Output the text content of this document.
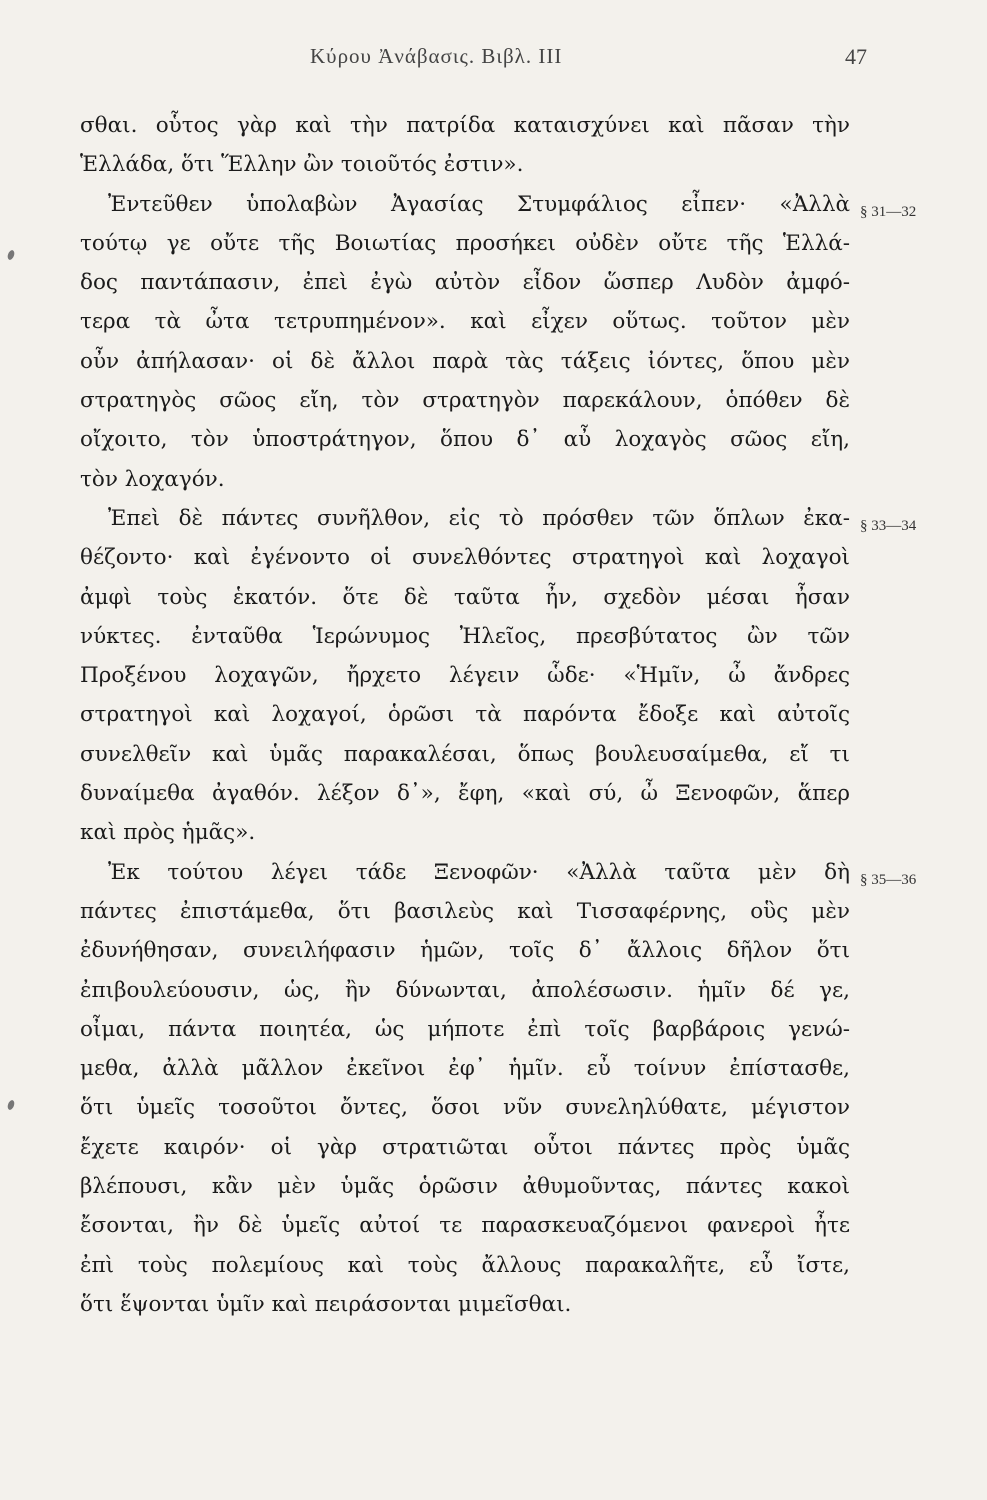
Κύρου Ἀνάβασις. Βιβλ. III	47
σθαι. οὗτος γὰρ καὶ τὴν πατρίδα καταισχύνει καὶ πᾶσαν τὴν
Ἑλλάδα, ὅτι Ἕλλην ὢν τοιοῦτός ἐστιν».
Ἐντεῦθεν ὑπολαβὼν Ἀγασίας Στυμφάλιος εἶπεν· «Ἀλλὰ
τούτῳ γε οὔτε τῆς Βοιωτίας προσήκει οὐδὲν οὔτε τῆς Ἑλλά-
δος παντάπασιν, ἐπεὶ ἐγὼ αὐτὸν εἶδον ὥσπερ Λυδὸν ἀμφό-
τερα τὰ ὦτα τετρυπημένον». καὶ εἶχεν οὕτως. τοῦτον μὲν
οὖν ἀπήλασαν· οἱ δὲ ἄλλοι παρὰ τὰς τάξεις ἰόντες, ὅπου μὲν
στρατηγὸς σῶος εἴη, τὸν στρατηγὸν παρεκάλουν, ὁπόθεν δὲ
οἴχοιτο, τὸν ὑποστράτηγον, ὅπου δ᾽ αὖ λοχαγὸς σῶος εἴη,
τὸν λοχαγόν.
Ἐπεὶ δὲ πάντες συνῆλθον, εἰς τὸ πρόσθεν τῶν ὅπλων ἐκα-
θέζοντο· καὶ ἐγένοντο οἱ συνελθόντες στρατηγοὶ καὶ λοχαγοὶ
ἀμφὶ τοὺς ἑκατόν. ὅτε δὲ ταῦτα ἦν, σχεδὸν μέσαι ἦσαν
νύκτες. ἐνταῦθα Ἱερώνυμος Ἠλεῖος, πρεσβύτατος ὢν τῶν
Προξένου λοχαγῶν, ἤρχετο λέγειν ὧδε· «Ἡμῖν, ὦ ἄνδρες
στρατηγοὶ καὶ λοχαγοί, ὁρῶσι τὰ παρόντα ἔδοξε καὶ αὐτοῖς
συνελθεῖν καὶ ὑμᾶς παρακαλέσαι, ὅπως βουλευσαίμεθα, εἴ τι
δυναίμεθα ἀγαθόν. λέξον δ᾽», ἔφη, «καὶ σύ, ὦ Ξενοφῶν, ἅπερ
καὶ πρὸς ἡμᾶς».
Ἐκ τούτου λέγει τάδε Ξενοφῶν· «Ἀλλὰ ταῦτα μὲν δὴ
πάντες ἐπιστάμεθα, ὅτι βασιλεὺς καὶ Τισσαφέρνης, οὓς μὲν
ἐδυνήθησαν, συνειλήφασιν ἡμῶν, τοῖς δ᾽ ἄλλοις δῆλον ὅτι
ἐπιβουλεύουσιν, ὡς, ἢν δύνωνται, ἀπολέσωσιν. ἡμῖν δέ γε,
οἶμαι, πάντα ποιητέα, ὡς μήποτε ἐπὶ τοῖς βαρβάροις γενώ-
μεθα, ἀλλὰ μᾶλλον ἐκεῖνοι ἐφ᾽ ἡμῖν. εὖ τοίνυν ἐπίστασθε,
ὅτι ὑμεῖς τοσοῦτοι ὄντες, ὅσοι νῦν συνεληλύθατε, μέγιστον
ἔχετε καιρόν· οἱ γὰρ στρατιῶται οὗτοι πάντες πρὸς ὑμᾶς
βλέπουσι, κἂν μὲν ὑμᾶς ὁρῶσιν ἀθυμοῦντας, πάντες κακοὶ
ἔσονται, ἢν δὲ ὑμεῖς αὐτοί τε παρασκευαζόμενοι φανεροὶ ἦτε
ἐπὶ τοὺς πολεμίους καὶ τοὺς ἄλλους παρακαλῆτε, εὖ ἴστε,
ὅτι ἕψονται ὑμῖν καὶ πειράσονται μιμεῖσθαι.
§ 31—32
§ 33—34
§ 35—36
